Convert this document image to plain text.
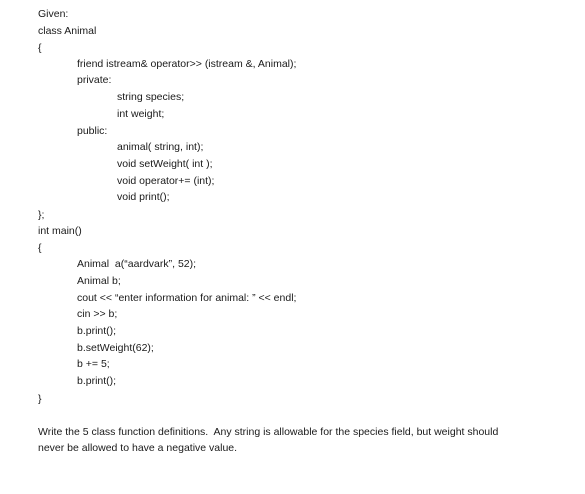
Given:
class Animal
{
friend istream& operator>> (istream &, Animal);
private:
string species;
int weight;
public:
animal( string, int);
void setWeight( int );
void operator+= (int);
void print();
};
int main()
{
Animal  a(“aardvark”, 52);
Animal b;
cout << “enter information for animal: ” << endl;
cin >> b;
b.print();
b.setWeight(62);
b += 5;
b.print();
}
Write the 5 class function definitions.  Any string is allowable for the species field, but weight should
never be allowed to have a negative value.
